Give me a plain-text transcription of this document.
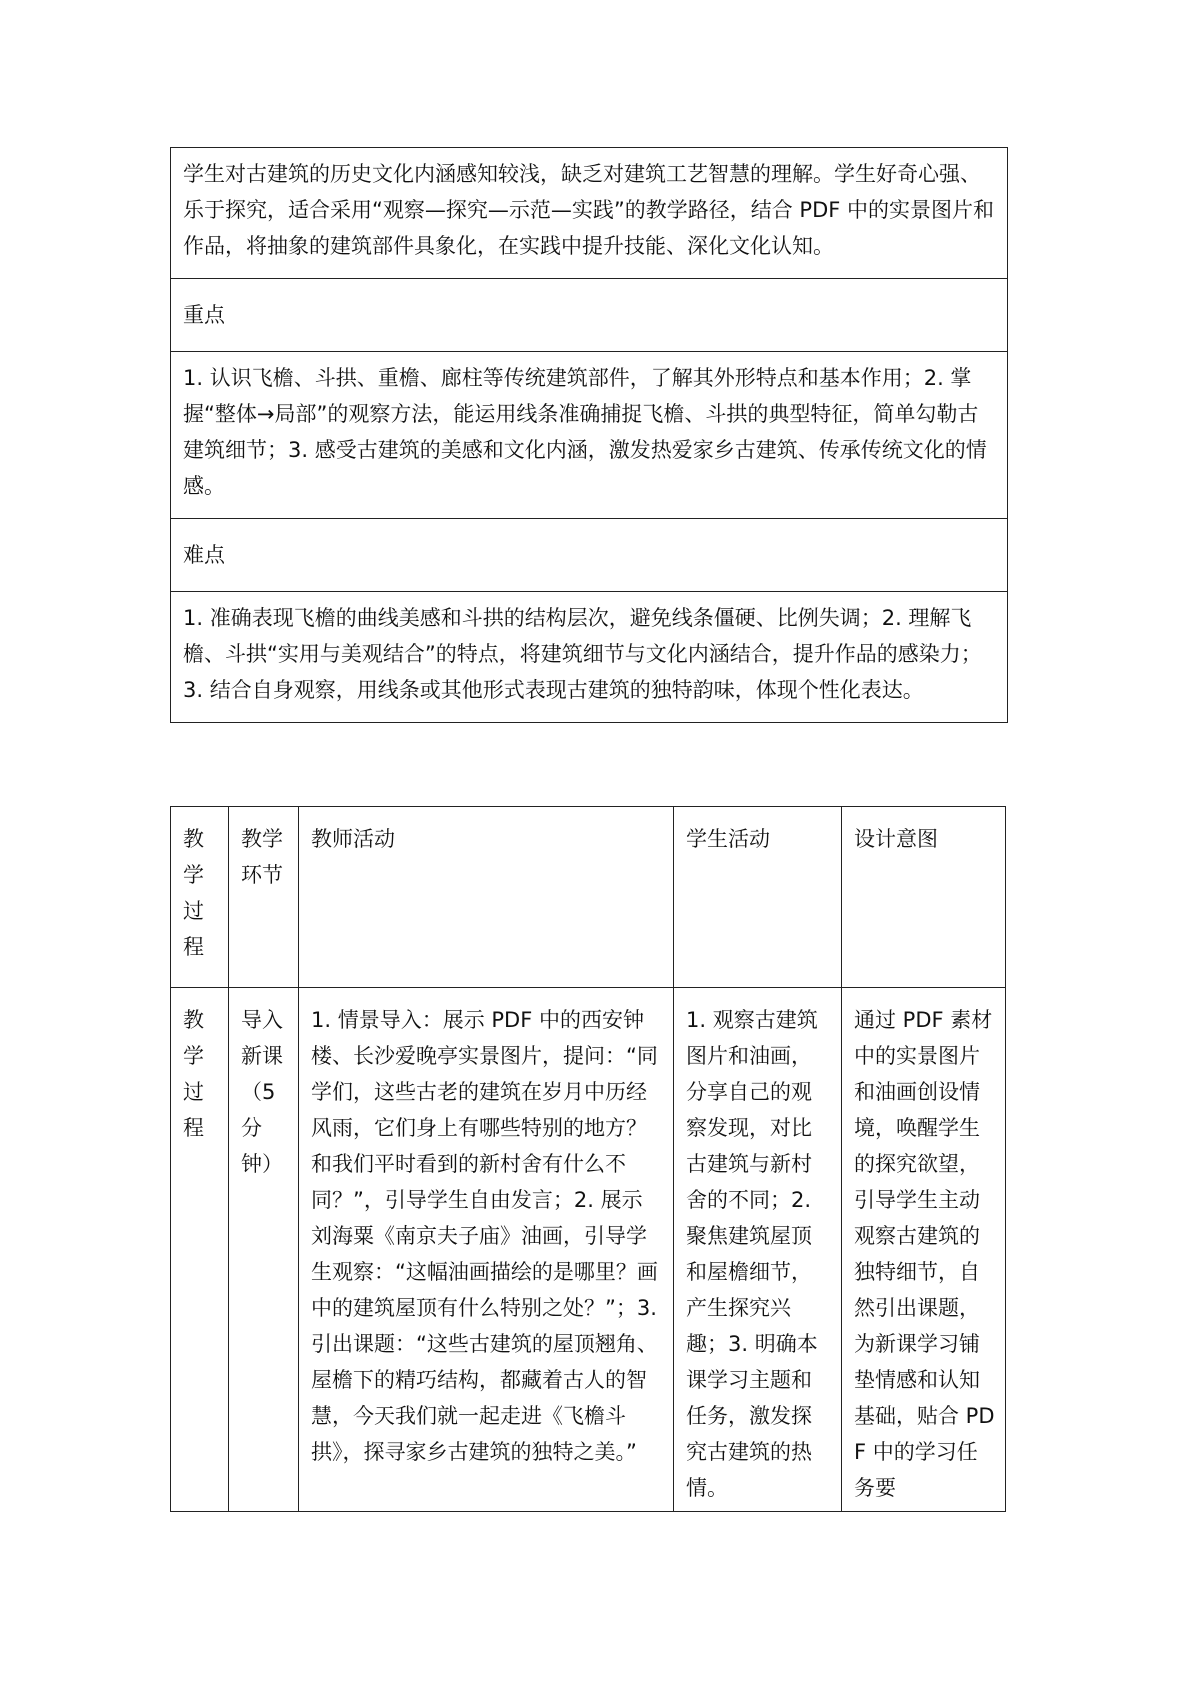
学生对古建筑的历史文化内涵感知较浅，缺乏对建筑工艺智慧的理解。学生好奇心强、乐于探究，适合采用“观察—探究—示范—实践”的教学路径，结合 PDF 中的实景图片和作品，将抽象的建筑部件具象化，在实践中提升技能、深化文化认知。
重点
1. 认识飞檐、斗拱、重檐、廊柱等传统建筑部件，了解其外形特点和基本作用；2. 掌握“整体→局部”的观察方法，能运用线条准确捕捉飞檐、斗拱的典型特征，简单勾勒古建筑细节；3. 感受古建筑的美感和文化内涵，激发热爱家乡古建筑、传承传统文化的情感。
难点
1. 准确表现飞檐的曲线美感和斗拱的结构层次，避免线条僵硬、比例失调；2. 理解飞檐、斗拱“实用与美观结合”的特点，将建筑细节与文化内涵结合，提升作品的感染力；3. 结合自身观察，用线条或其他形式表现古建筑的独特韵味，体现个性化表达。
教学过程	教学环节	教师活动	学生活动	设计意图
教学过程	导入新课（5分钟）	1. 情景导入：展示 PDF 中的西安钟楼、长沙爱晚亭实景图片，提问：“同学们，这些古老的建筑在岁月中历经风雨，它们身上有哪些特别的地方？和我们平时看到的新村舍有什么不同？”，引导学生自由发言；2. 展示刘海粟《南京夫子庙》油画，引导学生观察：“这幅油画描绘的是哪里？画中的建筑屋顶有什么特别之处？”；3. 引出课题：“这些古建筑的屋顶翘角、屋檐下的精巧结构，都藏着古人的智慧，今天我们就一起走进《飞檐斗拱》，探寻家乡古建筑的独特之美。”	1. 观察古建筑图片和油画，分享自己的观察发现，对比古建筑与新村舍的不同；2. 聚焦建筑屋顶和屋檐细节，产生探究兴趣；3. 明确本课学习主题和任务，激发探究古建筑的热情。	通过 PDF 素材中的实景图片和油画创设情境，唤醒学生的探究欲望，引导学生主动观察古建筑的独特细节，自然引出课题，为新课学习铺垫情感和认知基础，贴合 PDF 中的学习任务要
